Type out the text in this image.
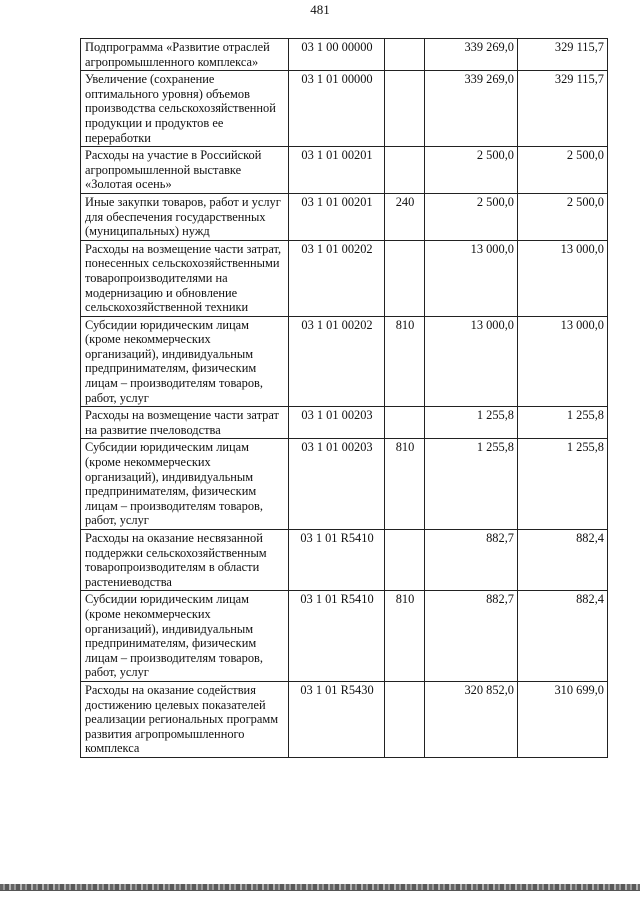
481
Подпрограмма «Развитие отраслей агропромышленного комплекса»	03 1 00 00000		339 269,0	329 115,7
Увеличение (сохранение оптимального уровня) объемов производства сельскохозяйственной продукции и продуктов ее переработки	03 1 01 00000		339 269,0	329 115,7
Расходы на участие в Российской агропромышленной выставке «Золотая осень»	03 1 01 00201		2 500,0	2 500,0
Иные закупки товаров, работ и услуг для обеспечения государственных (муниципальных) нужд	03 1 01 00201	240	2 500,0	2 500,0
Расходы на возмещение части затрат, понесенных сельскохозяйственными товаропроизводителями на модернизацию и обновление сельскохозяйственной техники	03 1 01 00202		13 000,0	13 000,0
Субсидии юридическим лицам (кроме некоммерческих организаций), индивидуальным предпринимателям, физическим лицам – производителям товаров, работ, услуг	03 1 01 00202	810	13 000,0	13 000,0
Расходы на возмещение части затрат на развитие пчеловодства	03 1 01 00203		1 255,8	1 255,8
Субсидии юридическим лицам (кроме некоммерческих организаций), индивидуальным предпринимателям, физическим лицам – производителям товаров, работ, услуг	03 1 01 00203	810	1 255,8	1 255,8
Расходы на оказание несвязанной поддержки сельскохозяйственным товаропроизводителям в области растениеводства	03 1 01 R5410		882,7	882,4
Субсидии юридическим лицам (кроме некоммерческих организаций), индивидуальным предпринимателям, физическим лицам – производителям товаров, работ, услуг	03 1 01 R5410	810	882,7	882,4
Расходы на оказание содействия достижению целевых показателей реализации региональных программ развития агропромышленного комплекса	03 1 01 R5430		320 852,0	310 699,0
